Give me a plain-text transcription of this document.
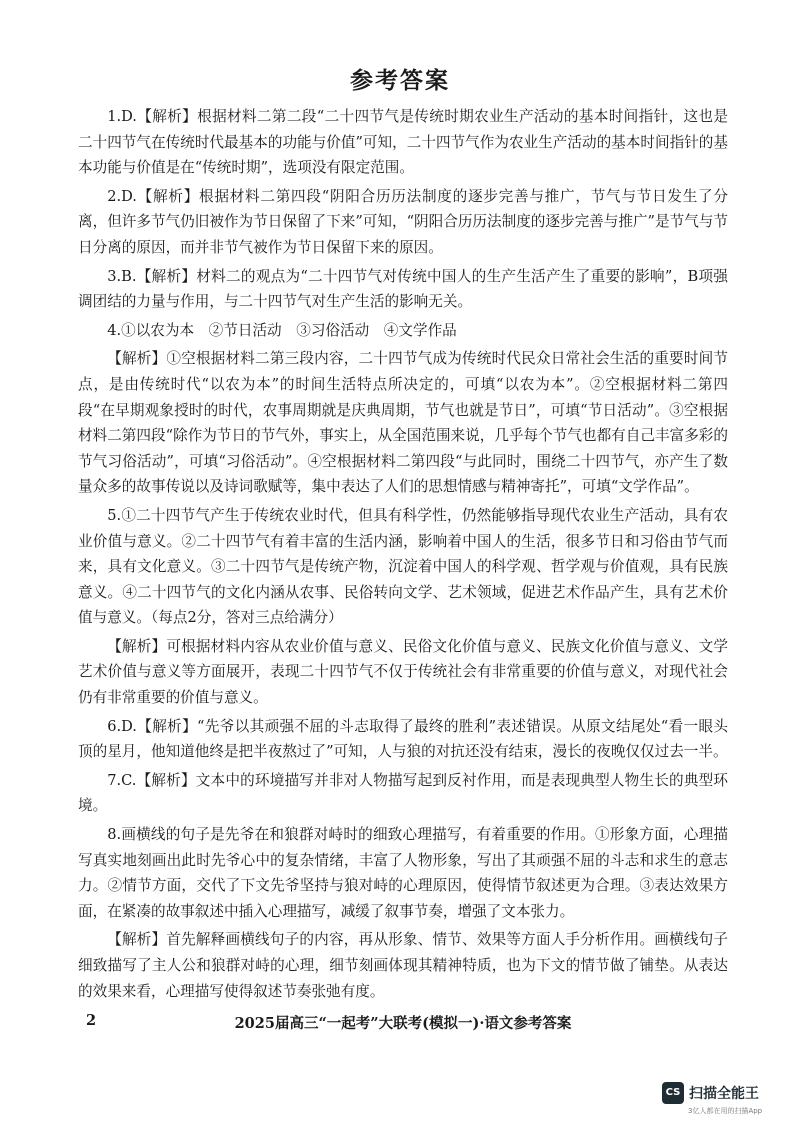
参考答案

1.D.【解析】根据材料二第二段“二十四节气是传统时期农业生产活动的基本时间指针，这也是二十四节气在传统时代最基本的功能与价值”可知，二十四节气作为农业生产活动的基本时间指针的基本功能与价值是在“传统时期”，选项没有限定范围。

2.D.【解析】根据材料二第四段“阴阳合历历法制度的逐步完善与推广，节气与节日发生了分离，但许多节气仍旧被作为节日保留了下来”可知，“阴阳合历历法制度的逐步完善与推广”是节气与节日分离的原因，而并非节气被作为节日保留下来的原因。

3.B.【解析】材料二的观点为“二十四节气对传统中国人的生产生活产生了重要的影响”，B项强调团结的力量与作用，与二十四节气对生产生活的影响无关。

4.①以农为本　②节日活动　③习俗活动　④文学作品

【解析】①空根据材料二第三段内容，二十四节气成为传统时代民众日常社会生活的重要时间节点，是由传统时代“以农为本”的时间生活特点所决定的，可填“以农为本”。②空根据材料二第四段“在早期观象授时的时代，农事周期就是庆典周期，节气也就是节日”，可填“节日活动”。③空根据材料二第四段“除作为节日的节气外，事实上，从全国范围来说，几乎每个节气也都有自己丰富多彩的节气习俗活动”，可填“习俗活动”。④空根据材料二第四段“与此同时，围绕二十四节气，亦产生了数量众多的故事传说以及诗词歌赋等，集中表达了人们的思想情感与精神寄托”，可填“文学作品”。

5.①二十四节气产生于传统农业时代，但具有科学性，仍然能够指导现代农业生产活动，具有农业价值与意义。②二十四节气有着丰富的生活内涵，影响着中国人的生活，很多节日和习俗由节气而来，具有文化意义。③二十四节气是传统产物，沉淀着中国人的科学观、哲学观与价值观，具有民族意义。④二十四节气的文化内涵从农事、民俗转向文学、艺术领域，促进艺术作品产生，具有艺术价值与意义。（每点2分，答对三点给满分）

【解析】可根据材料内容从农业价值与意义、民俗文化价值与意义、民族文化价值与意义、文学艺术价值与意义等方面展开，表现二十四节气不仅于传统社会有非常重要的价值与意义，对现代社会仍有非常重要的价值与意义。

6.D.【解析】“先爷以其顽强不屈的斗志取得了最终的胜利”表述错误。从原文结尾处“看一眼头顶的星月，他知道他终是把半夜熬过了”可知，人与狼的对抗还没有结束，漫长的夜晚仅仅过去一半。

7.C.【解析】文本中的环境描写并非对人物描写起到反衬作用，而是表现典型人物生长的典型环境。

8.画横线的句子是先爷在和狼群对峙时的细致心理描写，有着重要的作用。①形象方面，心理描写真实地刻画出此时先爷心中的复杂情绪，丰富了人物形象，写出了其顽强不屈的斗志和求生的意志力。②情节方面，交代了下文先爷坚持与狼对峙的心理原因，使得情节叙述更为合理。③表达效果方面，在紧凑的故事叙述中插入心理描写，减缓了叙事节奏，增强了文本张力。

【解析】首先解释画横线句子的内容，再从形象、情节、效果等方面人手分析作用。画横线句子细致描写了主人公和狼群对峙的心理，细节刻画体现其精神特质，也为下文的情节做了铺垫。从表达的效果来看，心理描写使得叙述节奏张弛有度。

2	2025届高三“一起考”大联考(模拟一)·语文参考答案
CS 扫描全能王
3亿人都在用的扫描App
